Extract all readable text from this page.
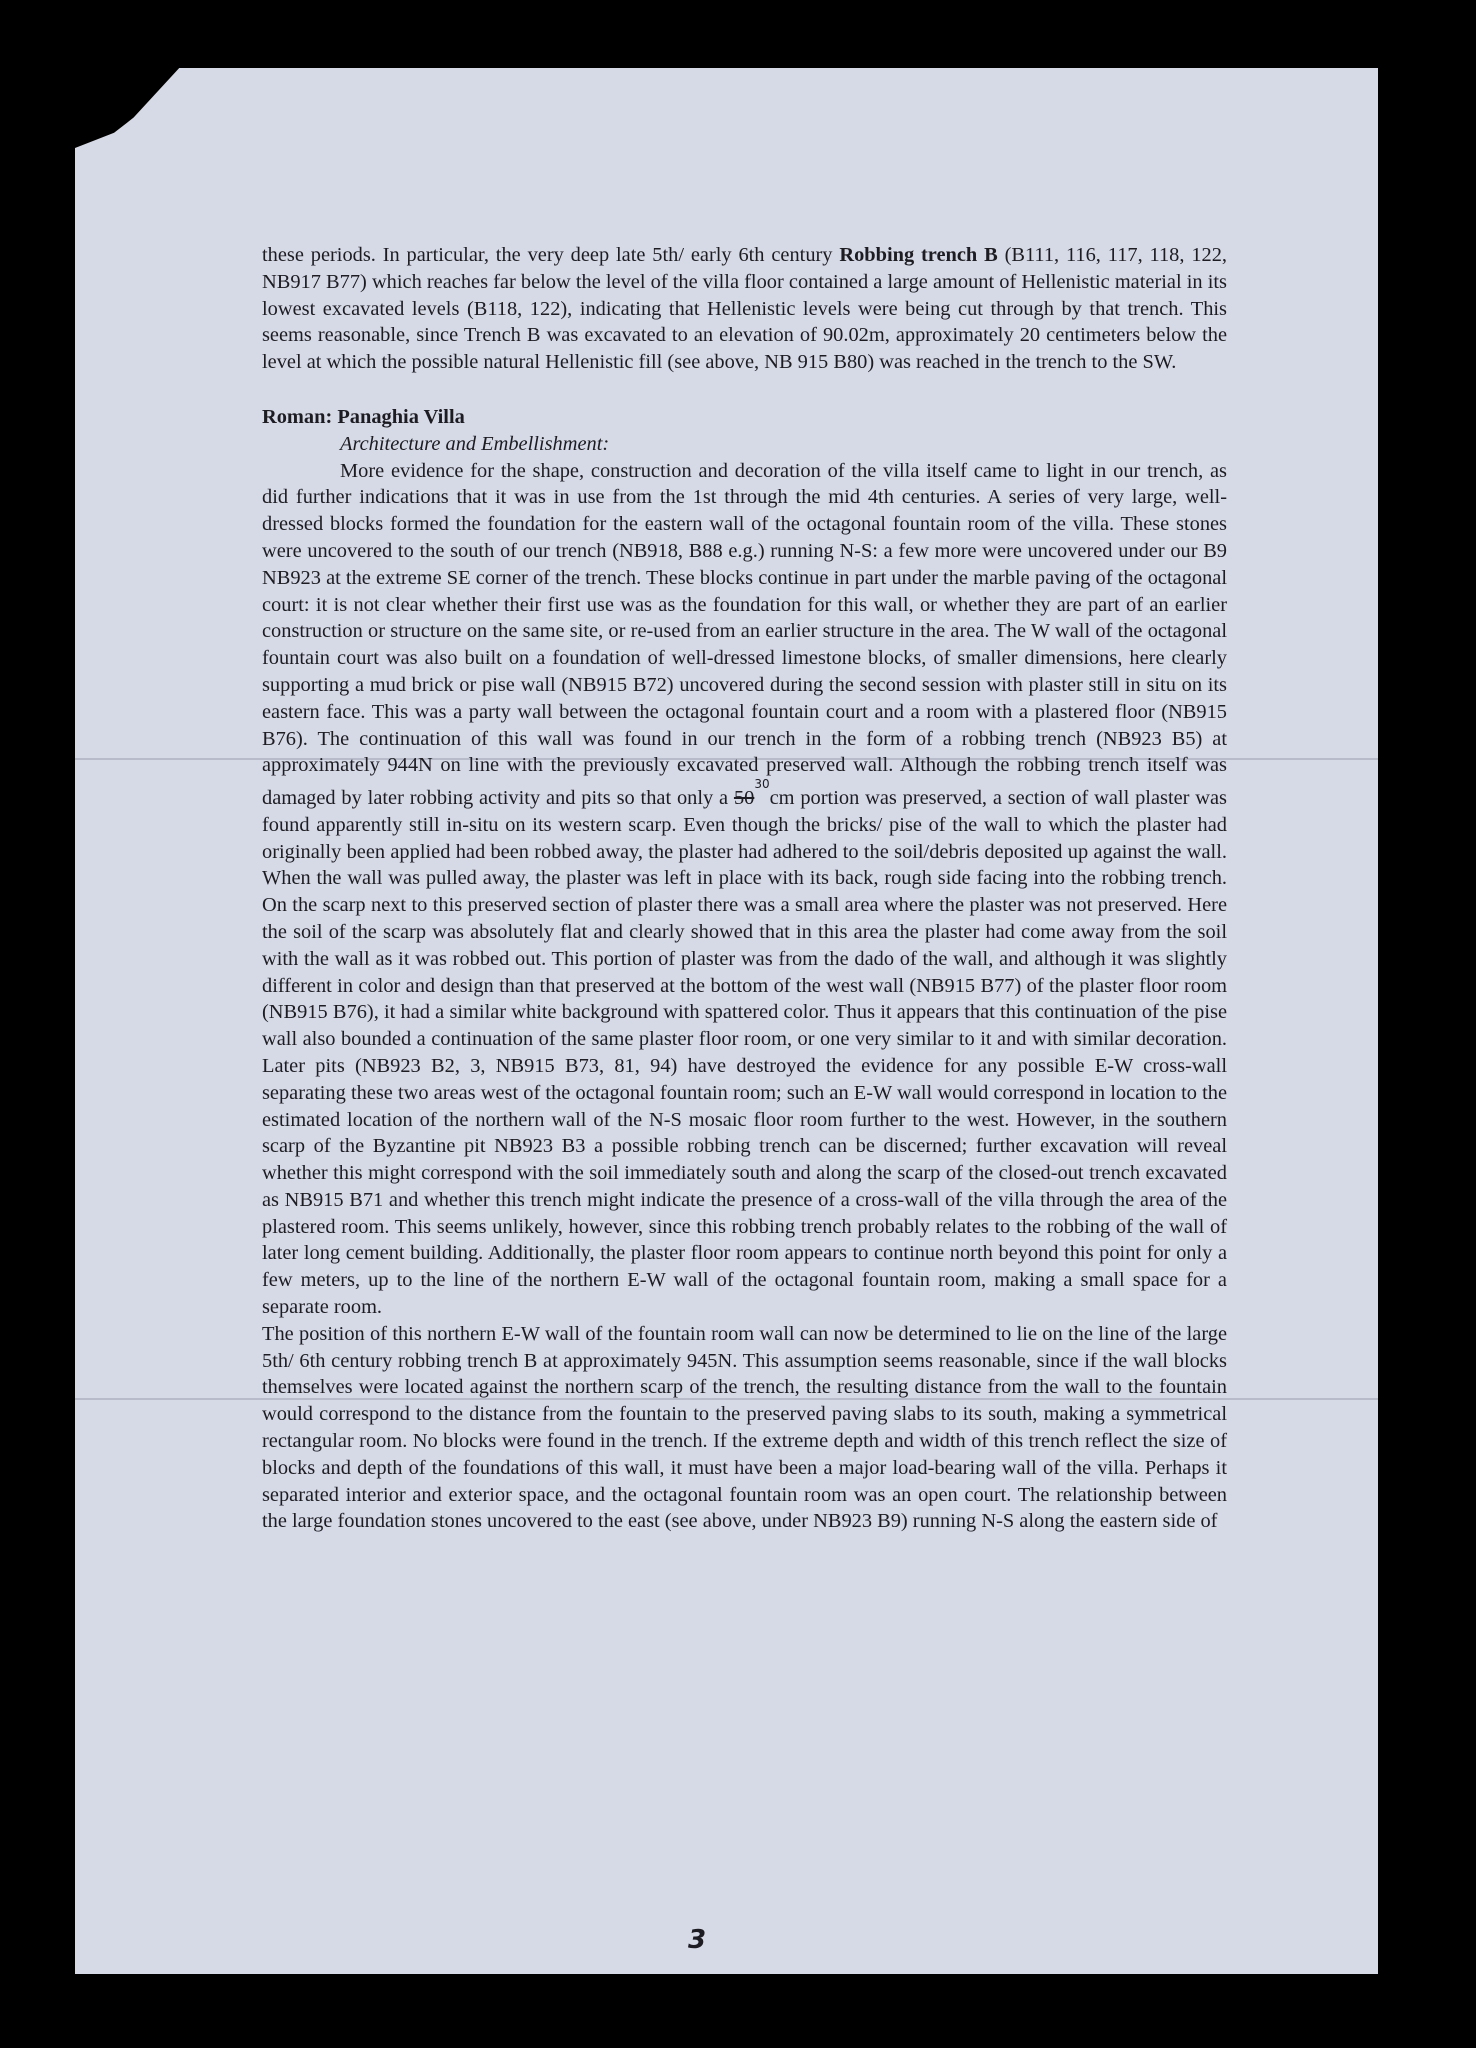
these periods. In particular, the very deep late 5th/ early 6th century Robbing trench B (B111, 116, 117, 118, 122, NB917 B77) which reaches far below the level of the villa floor contained a large amount of Hellenistic material in its lowest excavated levels (B118, 122), indicating that Hellenistic levels were being cut through by that trench. This seems reasonable, since Trench B was excavated to an elevation of 90.02m, approximately 20 centimeters below the level at which the possible natural Hellenistic fill (see above, NB 915 B80) was reached in the trench to the SW.

Roman: Panaghia Villa

Architecture and Embellishment:

More evidence for the shape, construction and decoration of the villa itself came to light in our trench, as did further indications that it was in use from the 1st through the mid 4th centuries. A series of very large, well-dressed blocks formed the foundation for the eastern wall of the octagonal fountain room of the villa. These stones were uncovered to the south of our trench (NB918, B88 e.g.) running N-S: a few more were uncovered under our B9 NB923 at the extreme SE corner of the trench. These blocks continue in part under the marble paving of the octagonal court: it is not clear whether their first use was as the foundation for this wall, or whether they are part of an earlier construction or structure on the same site, or re-used from an earlier structure in the area. The W wall of the octagonal fountain court was also built on a foundation of well-dressed limestone blocks, of smaller dimensions, here clearly supporting a mud brick or pise wall (NB915 B72) uncovered during the second session with plaster still in situ on its eastern face. This was a party wall between the octagonal fountain court and a room with a plastered floor (NB915 B76). The continuation of this wall was found in our trench in the form of a robbing trench (NB923 B5) at approximately 944N on line with the previously excavated preserved wall. Although the robbing trench itself was damaged by later robbing activity and pits so that only a 50$^{30}$cm portion was preserved, a section of wall plaster was found apparently still in-situ on its western scarp. Even though the bricks/ pise of the wall to which the plaster had originally been applied had been robbed away, the plaster had adhered to the soil/debris deposited up against the wall. When the wall was pulled away, the plaster was left in place with its back, rough side facing into the robbing trench. On the scarp next to this preserved section of plaster there was a small area where the plaster was not preserved. Here the soil of the scarp was absolutely flat and clearly showed that in this area the plaster had come away from the soil with the wall as it was robbed out. This portion of plaster was from the dado of the wall, and although it was slightly different in color and design than that preserved at the bottom of the west wall (NB915 B77) of the plaster floor room (NB915 B76), it had a similar white background with spattered color. Thus it appears that this continuation of the pise wall also bounded a continuation of the same plaster floor room, or one very similar to it and with similar decoration. Later pits (NB923 B2, 3, NB915 B73, 81, 94) have destroyed the evidence for any possible E-W cross-wall separating these two areas west of the octagonal fountain room; such an E-W wall would correspond in location to the estimated location of the northern wall of the N-S mosaic floor room further to the west. However, in the southern scarp of the Byzantine pit NB923 B3 a possible robbing trench can be discerned; further excavation will reveal whether this might correspond with the soil immediately south and along the scarp of the closed-out trench excavated as NB915 B71 and whether this trench might indicate the presence of a cross-wall of the villa through the area of the plastered room. This seems unlikely, however, since this robbing trench probably relates to the robbing of the wall of later long cement building. Additionally, the plaster floor room appears to continue north beyond this point for only a few meters, up to the line of the northern E-W wall of the octagonal fountain room, making a small space for a separate room.

The position of this northern E-W wall of the fountain room wall can now be determined to lie on the line of the large 5th/ 6th century robbing trench B at approximately 945N. This assumption seems reasonable, since if the wall blocks themselves were located against the northern scarp of the trench, the resulting distance from the wall to the fountain would correspond to the distance from the fountain to the preserved paving slabs to its south, making a symmetrical rectangular room. No blocks were found in the trench. If the extreme depth and width of this trench reflect the size of blocks and depth of the foundations of this wall, it must have been a major load-bearing wall of the villa. Perhaps it separated interior and exterior space, and the octagonal fountain room was an open court. The relationship between the large foundation stones uncovered to the east (see above, under NB923 B9) running N-S along the eastern side of

3
